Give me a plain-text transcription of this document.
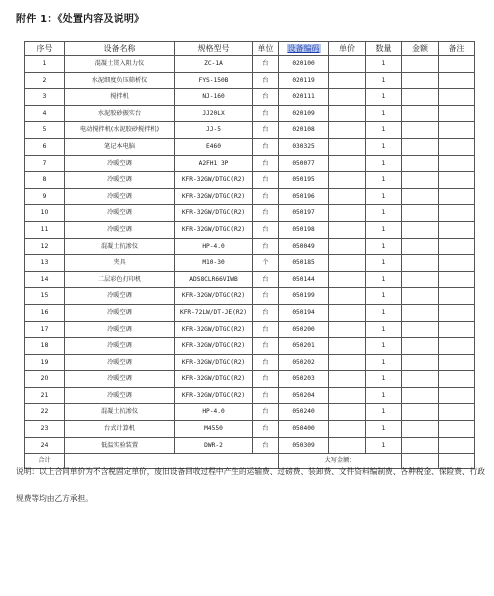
附件 1：《处置内容及说明》
序号	设备名称	规格型号	单位	设备编码	单价	数量	金额	备注
1	混凝土贯入阻力仪	ZC-1A	台	020100		1		
2	水泥细度负压筛析仪	FYS-150B	台	020119		1		
3	搅拌机	NJ-160	台	020111		1		
4	水泥胶砂振实台	JJ20LX	台	020109		1		
5	电动搅拌机(水泥胶砂搅拌机)	JJ-5	台	020108		1		
6	笔记本电脑	E460	台	030325		1		
7	冷暖空调	A2FH1 3P	台	050077		1		
8	冷暖空调	KFR-32GW/DTGC(R2)	台	050195		1		
9	冷暖空调	KFR-32GW/DTGC(R2)	台	050196		1		
10	冷暖空调	KFR-32GW/DTGC(R2)	台	050197		1		
11	冷暖空调	KFR-32GW/DTGC(R2)	台	050198		1		
12	混凝土抗渗仪	HP-4.0	台	050049		1		
13	夹具	M10-30	个	050185		1		
14	二层彩色打印机	ADS8CLR66VIWB	台	050144		1		
15	冷暖空调	KFR-32GW/DTGC(R2)	台	050199		1		
16	冷暖空调	KFR-72LW/DT-JE(R2)	台	050194		1		
17	冷暖空调	KFR-32GW/DTGC(R2)	台	050200		1		
18	冷暖空调	KFR-32GW/DTGC(R2)	台	050201		1		
19	冷暖空调	KFR-32GW/DTGC(R2)	台	050202		1		
20	冷暖空调	KFR-32GW/DTGC(R2)	台	050203		1		
21	冷暖空调	KFR-32GW/DTGC(R2)	台	050204		1		
22	混凝土抗渗仪	HP-4.0	台	050240		1		
23	台式计算机	M4550	台	050400		1		
24	低温实验装置	DWR-2	台	050309		1		
合计				大写金额：				
说明：以上合同单价为不含税固定单价，废旧设备回收过程中产生的运输费、过磅费、装卸费、文件资料编制费、各种税金、保险费、行政规费等均由乙方承担。
